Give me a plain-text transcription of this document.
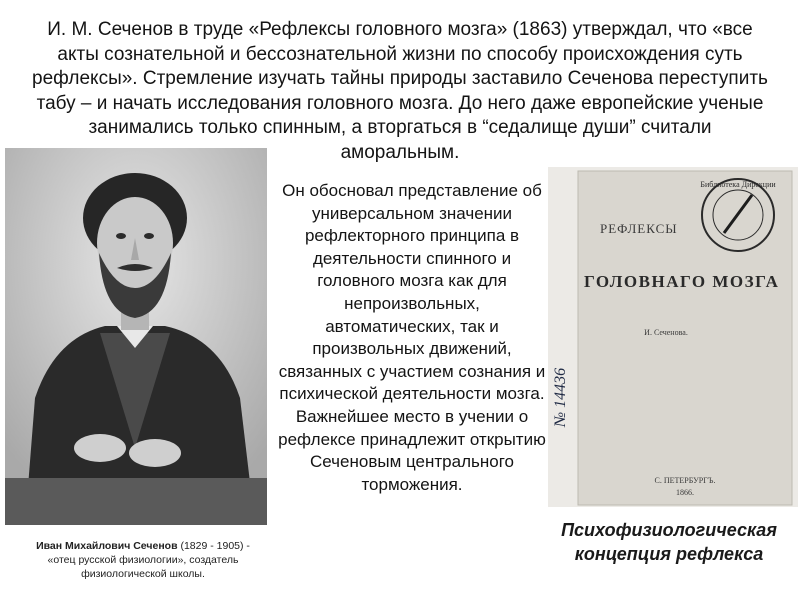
И. М. Сеченов в труде «Рефлексы головного мозга» (1863) утверждал, что «все акты сознательной и бессознательной жизни по способу происхождения суть рефлексы». Стремление изучать тайны природы заставило Сеченова переступить табу – и начать исследования головного мозга. До него даже европейские ученые занимались только спинным, а вторгаться в “седалище души” считали аморальным.

Иван Михайлович Сеченов (1829 - 1905) -
«отец русской физиологии», создатель
физиологической школы.

Он обосновал представление об универсальном значении рефлекторного принципа в деятельности спинного и головного мозга как для непроизвольных, автоматических, так и произвольных движений, связанных с участием сознания и психической деятельности мозга. Важнейшее место в учении о рефлексе принадлежит открытию Сеченовым центрального торможения.

Библиотека Дирекции
№ 14436
РЕФЛЕКСЫ
ГОЛОВНАГО МОЗГА
И. Сеченова.
С. ПЕТЕРБУРГЪ.
1866.
Психофизиологическая концепция рефлекса
